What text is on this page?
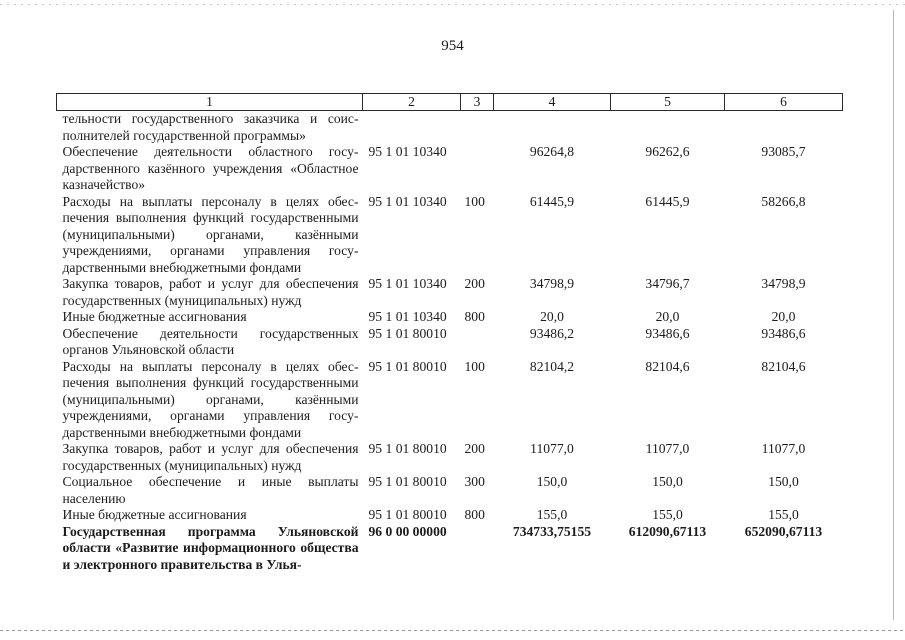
954
1	2	3	4	5	6
тельности государственного заказчика и соисполнителей государственной программы»					
Обеспечение деятельности областного государственного казённого учреждения «Областное казначейство»	95 1 01 10340		96264,8	96262,6	93085,7
Расходы на выплаты персоналу в целях обеспечения выполнения функций государственными (муниципальными) органами, казёнными учреждениями, органами управления государственными внебюджетными фондами	95 1 01 10340	100	61445,9	61445,9	58266,8
Закупка товаров, работ и услуг для обеспечения государственных (муниципальных) нужд	95 1 01 10340	200	34798,9	34796,7	34798,9
Иные бюджетные ассигнования	95 1 01 10340	800	20,0	20,0	20,0
Обеспечение деятельности государственных органов Ульяновской области	95 1 01 80010		93486,2	93486,6	93486,6
Расходы на выплаты персоналу в целях обеспечения выполнения функций государственными (муниципальными) органами, казёнными учреждениями, органами управления государственными внебюджетными фондами	95 1 01 80010	100	82104,2	82104,6	82104,6
Закупка товаров, работ и услуг для обеспечения государственных (муниципальных) нужд	95 1 01 80010	200	11077,0	11077,0	11077,0
Социальное обеспечение и иные выплаты населению	95 1 01 80010	300	150,0	150,0	150,0
Иные бюджетные ассигнования	95 1 01 80010	800	155,0	155,0	155,0
Государственная программа Ульяновской области «Развитие информационного общества и электронного правительства в Улья-	96 0 00 00000		734733,75155	612090,67113	652090,67113
